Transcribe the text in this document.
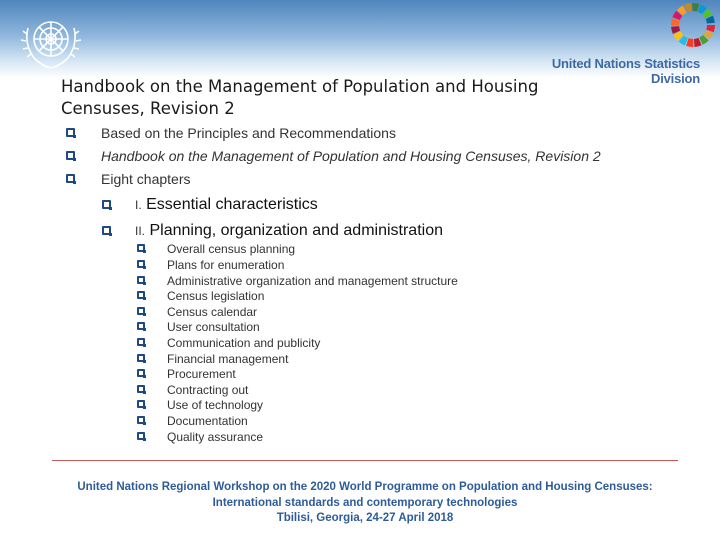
United Nations Statistics Division
Handbook on the Management of Population and Housing
Censuses, Revision 2
Based on the Principles and Recommendations
Handbook on the Management of Population and Housing Censuses, Revision 2
Eight chapters
I. Essential characteristics
II. Planning, organization and administration
Overall census planning
Plans for enumeration
Administrative organization and management structure
Census legislation
Census calendar
User consultation
Communication and publicity
Financial management
Procurement
Contracting out
Use of technology
Documentation
Quality assurance
United Nations Regional Workshop on the 2020 World Programme on Population and Housing Censuses:
International standards and contemporary technologies
Tbilisi, Georgia, 24-27 April 2018
